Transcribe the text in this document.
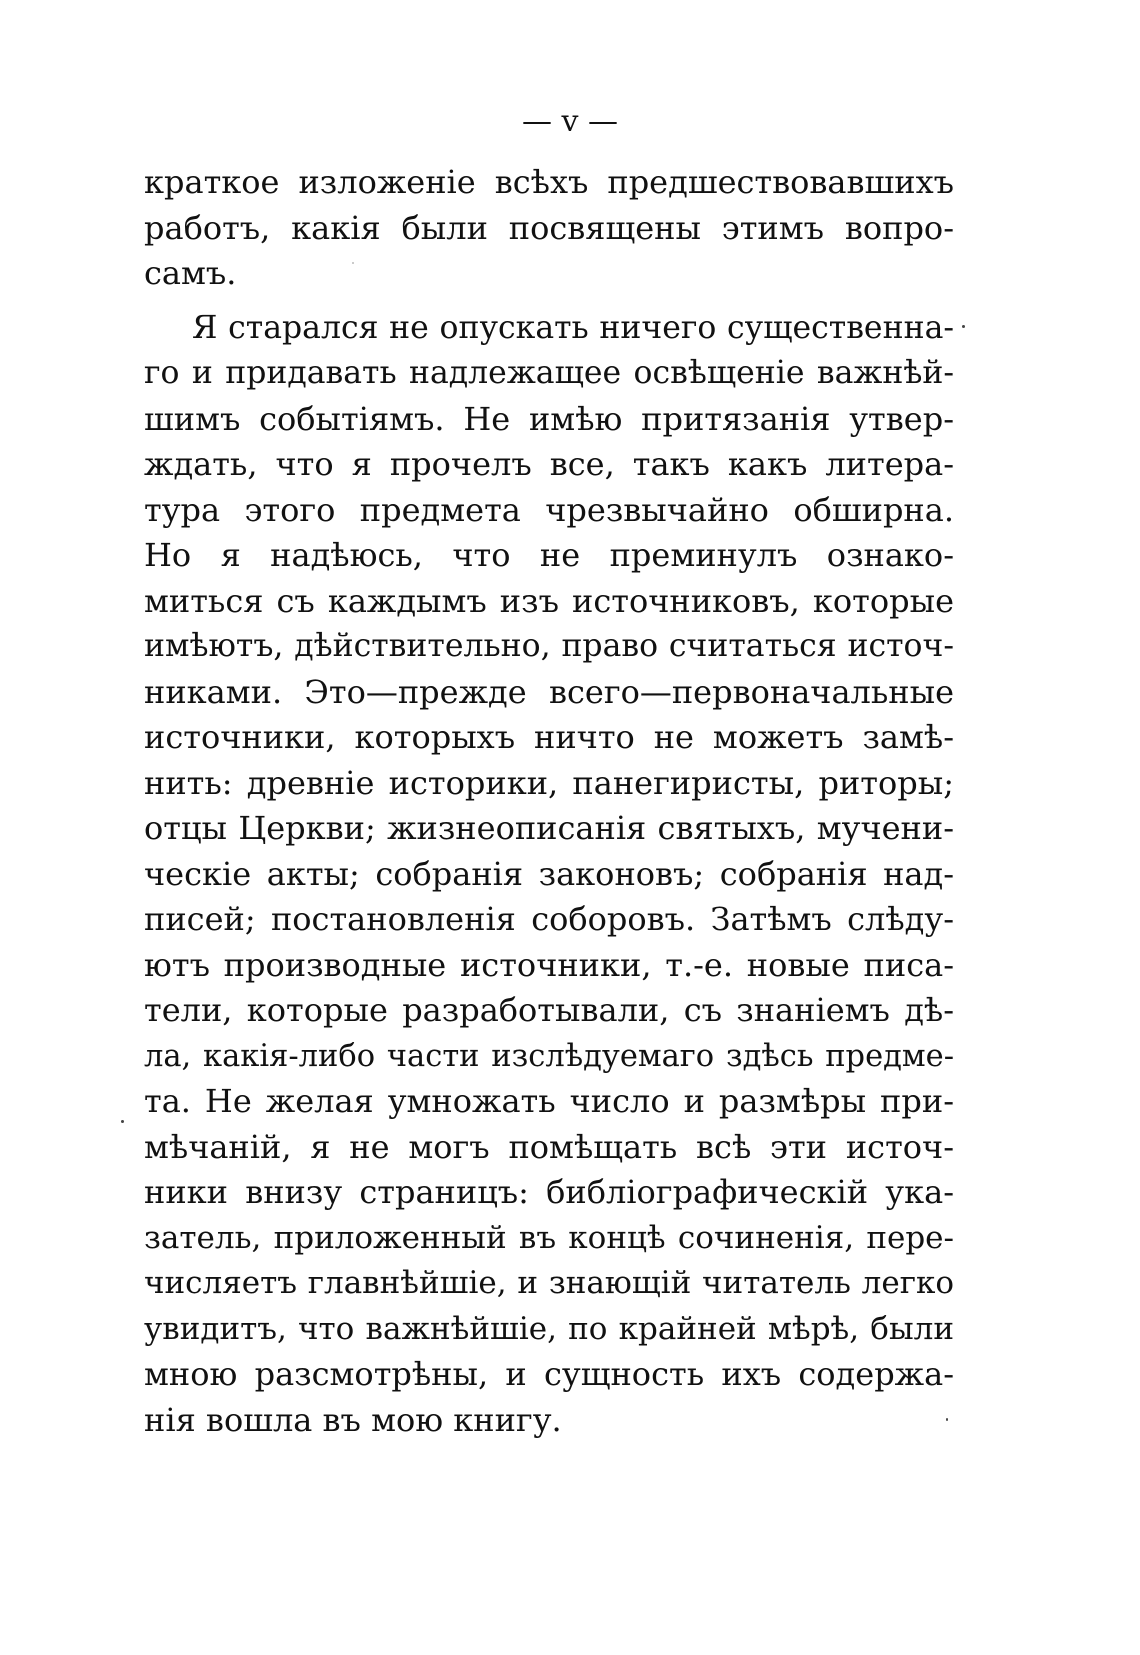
— v —
краткое изложеніе всѣхъ предшествовавшихъ
работъ, какія были посвящены этимъ вопро-
самъ.
Я старался не опускать ничего существенна-
го и придавать надлежащее освѣщеніе важнѣй-
шимъ событіямъ. Не имѣю притязанія утвер-
ждать, что я прочелъ все, такъ какъ литера-
тура этого предмета чрезвычайно обширна.
Но я надѣюсь, что не преминулъ ознако-
миться съ каждымъ изъ источниковъ, которые
имѣютъ, дѣйствительно, право считаться источ-
никами. Это—прежде всего—первоначальные
источники, которыхъ ничто не можетъ замѣ-
нить: древніе историки, панегиристы, риторы;
отцы Церкви; жизнеописанія святыхъ, мучени-
ческіе акты; собранія законовъ; собранія над-
писей; постановленія соборовъ. Затѣмъ слѣду-
ютъ производные источники, т.-е. новые писа-
тели, которые разработывали, съ знаніемъ дѣ-
ла, какія-либо части изслѣдуемаго здѣсь предме-
та. Не желая умножать число и размѣры при-
мѣчаній, я не могъ помѣщать всѣ эти источ-
ники внизу страницъ: библіографическій ука-
затель, приложенный въ концѣ сочиненія, пере-
числяетъ главнѣйшіе, и знающій читатель легко
увидитъ, что важнѣйшіе, по крайней мѣрѣ, были
мною разсмотрѣны, и сущность ихъ содержа-
нія вошла въ мою книгу.
